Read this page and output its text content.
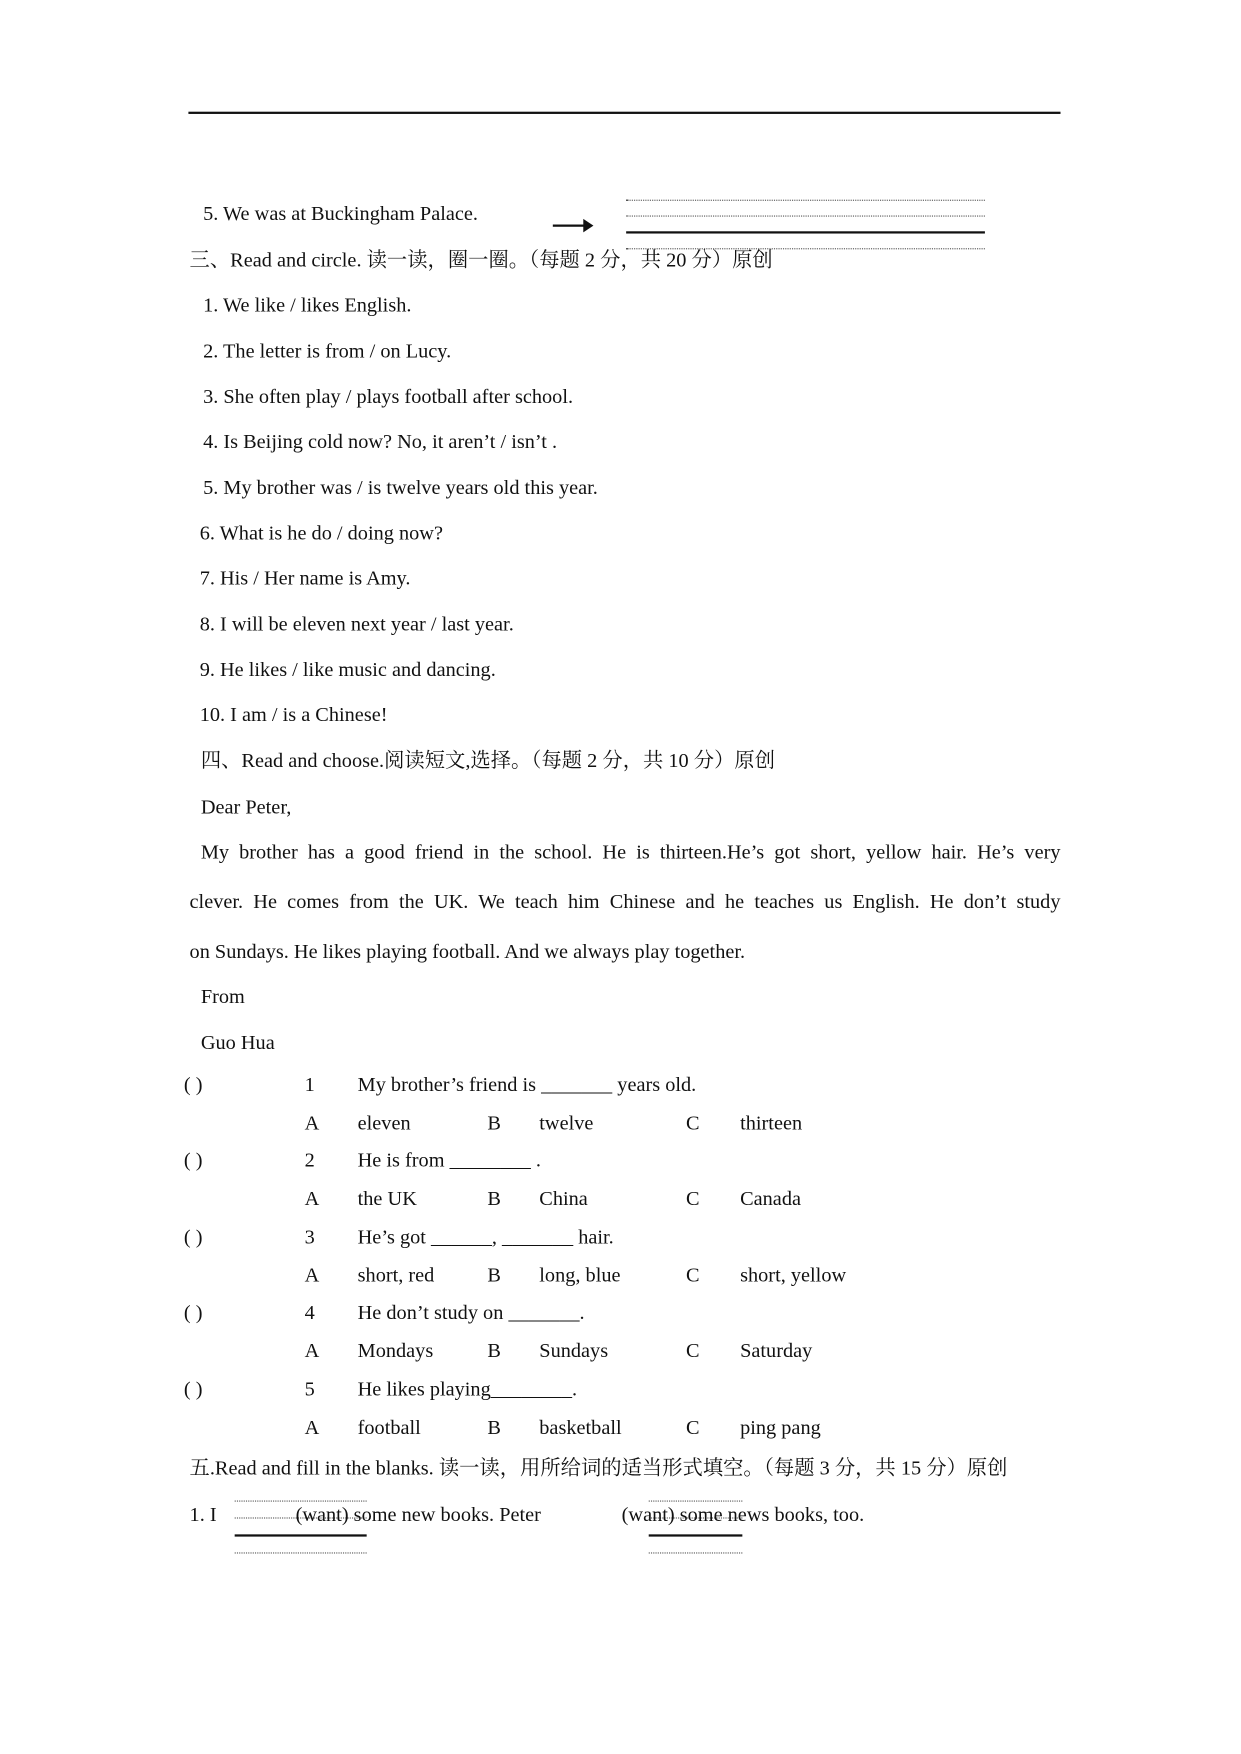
5. We was at Buckingham Palace.
三、Read and circle. 读一读，圈一圈。（每题 2 分，共 20 分）原创
1. We like / likes English.
2. The letter is from / on Lucy.
3. She often play / plays football after school.
4. Is Beijing cold now? No, it aren’t / isn’t .
5. My brother was / is twelve years old this year.
6. What is he do / doing now?
7. His / Her name is Amy.
8. I will be eleven next year / last year.
9. He likes / like music and dancing.
10. I am / is a Chinese!
四、Read and choose.阅读短文,选择。（每题 2 分，共 10 分）原创
Dear Peter,
My brother has a good friend in the school. He is thirteen.He’s got short, yellow hair. He’s very
clever. He comes from the UK. We teach him Chinese and he teaches us English. He don’t study
on Sundays. He likes playing football. And we always play together.
From
Guo Hua
( )	1 My brother’s friend is _______ years old.
A eleven	B twelve	C thirteen
( )	2 He is from ________ .
A the UK	B China	C Canada
( )	3 He’s got ______, _______ hair.
A short, red	B long, blue	C short, yellow
( )	4 He don’t study on _______.
A Mondays	B Sundays	C Saturday
( )	5 He likes playing________.
A football	B basketball	C ping pang
五.Read and fill in the blanks. 读一读，用所给词的适当形式填空。（每题 3 分，共 15 分）原创
1. I	(want) some new books. Peter	(want) some news books, too.
